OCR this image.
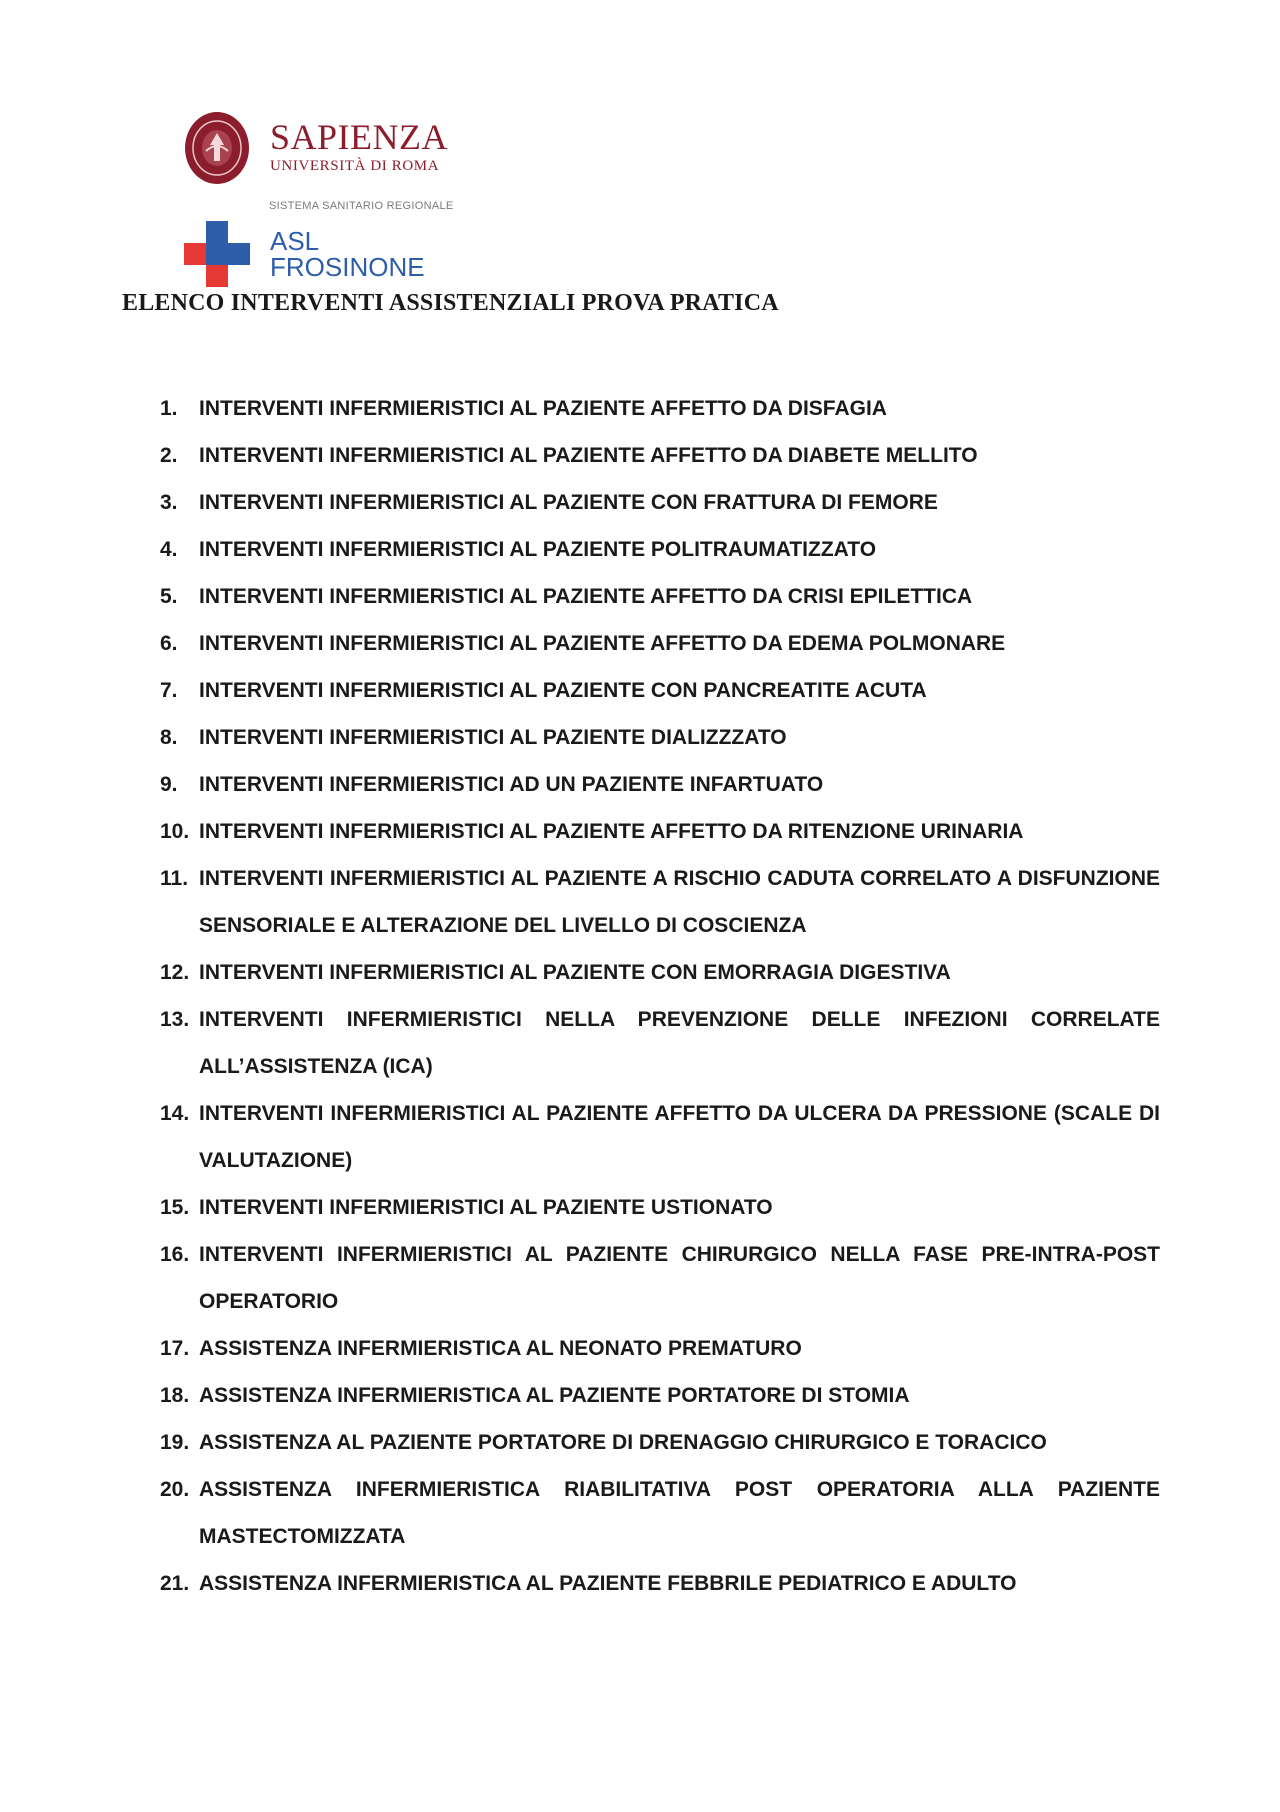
SAPIENZA
UNIVERSITÀ DI ROMA
SISTEMA SANITARIO REGIONALE
ASL
FROSINONE
ELENCO INTERVENTI ASSISTENZIALI PROVA PRATICA
1.	INTERVENTI INFERMIERISTICI AL PAZIENTE AFFETTO DA DISFAGIA
2.	INTERVENTI INFERMIERISTICI AL PAZIENTE AFFETTO DA DIABETE MELLITO
3.	INTERVENTI INFERMIERISTICI AL PAZIENTE CON FRATTURA DI FEMORE
4.	INTERVENTI INFERMIERISTICI AL PAZIENTE POLITRAUMATIZZATO
5.	INTERVENTI INFERMIERISTICI AL PAZIENTE AFFETTO DA CRISI EPILETTICA
6.	INTERVENTI INFERMIERISTICI AL PAZIENTE AFFETTO DA EDEMA POLMONARE
7.	INTERVENTI INFERMIERISTICI AL PAZIENTE CON PANCREATITE ACUTA
8.	INTERVENTI INFERMIERISTICI AL PAZIENTE DIALIZZZATO
9.	INTERVENTI INFERMIERISTICI AD UN PAZIENTE INFARTUATO
10. INTERVENTI INFERMIERISTICI AL PAZIENTE AFFETTO DA RITENZIONE URINARIA
11. INTERVENTI INFERMIERISTICI AL PAZIENTE A RISCHIO CADUTA CORRELATO A DISFUNZIONE SENSORIALE E ALTERAZIONE DEL LIVELLO DI COSCIENZA
12. INTERVENTI INFERMIERISTICI AL PAZIENTE CON EMORRAGIA DIGESTIVA
13. INTERVENTI INFERMIERISTICI NELLA PREVENZIONE DELLE INFEZIONI CORRELATE ALL’ASSISTENZA (ICA)
14. INTERVENTI INFERMIERISTICI AL PAZIENTE AFFETTO DA ULCERA DA PRESSIONE (SCALE DI VALUTAZIONE)
15. INTERVENTI INFERMIERISTICI AL PAZIENTE USTIONATO
16. INTERVENTI INFERMIERISTICI AL PAZIENTE CHIRURGICO NELLA FASE PRE-INTRA-POST OPERATORIO
17. ASSISTENZA INFERMIERISTICA AL NEONATO PREMATURO
18. ASSISTENZA INFERMIERISTICA AL PAZIENTE PORTATORE DI STOMIA
19. ASSISTENZA AL PAZIENTE PORTATORE DI DRENAGGIO CHIRURGICO E TORACICO
20. ASSISTENZA INFERMIERISTICA RIABILITATIVA POST OPERATORIA ALLA PAZIENTE MASTECTOMIZZATA
21. ASSISTENZA INFERMIERISTICA AL PAZIENTE FEBBRILE PEDIATRICO E ADULTO
